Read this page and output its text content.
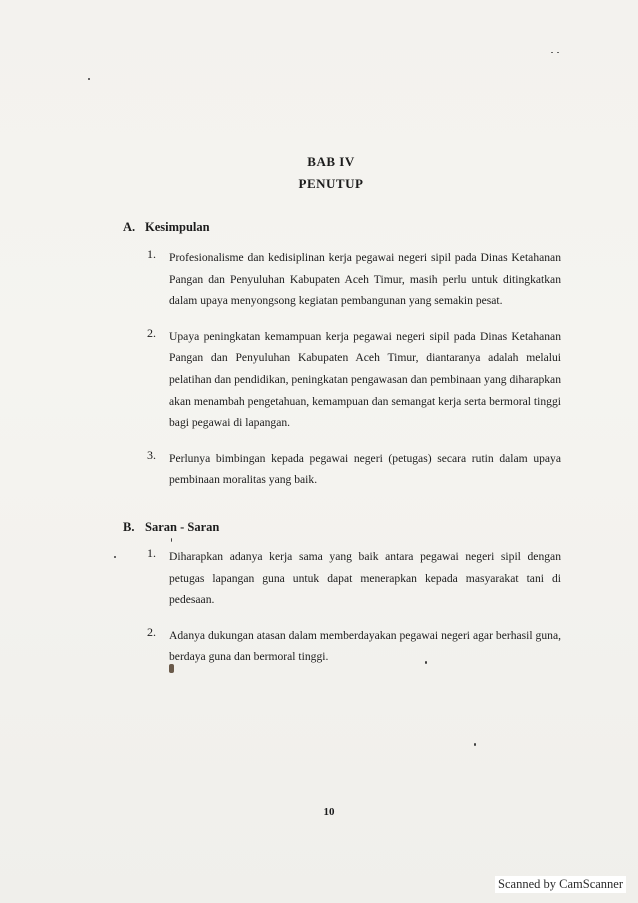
BAB IV
PENUTUP
A. Kesimpulan
1. Profesionalisme dan kedisiplinan kerja pegawai negeri sipil pada Dinas Ketahanan Pangan dan Penyuluhan Kabupaten Aceh Timur, masih perlu untuk ditingkatkan dalam upaya menyongsong kegiatan pembangunan yang semakin pesat.
2. Upaya peningkatan kemampuan kerja pegawai negeri sipil pada Dinas Ketahanan Pangan dan Penyuluhan Kabupaten Aceh Timur, diantaranya adalah melalui pelatihan dan pendidikan, peningkatan pengawasan dan pembinaan yang diharapkan akan menambah pengetahuan, kemampuan dan semangat kerja serta bermoral tinggi bagi pegawai di lapangan.
3. Perlunya bimbingan kepada pegawai negeri (petugas) secara rutin dalam upaya pembinaan moralitas yang baik.
B. Saran - Saran
1. Diharapkan adanya kerja sama yang baik antara pegawai negeri sipil dengan petugas lapangan guna untuk dapat menerapkan kepada masyarakat tani di pedesaan.
2. Adanya dukungan atasan dalam memberdayakan pegawai negeri agar berhasil guna, berdaya guna dan bermoral tinggi.
10
Scanned by CamScanner
